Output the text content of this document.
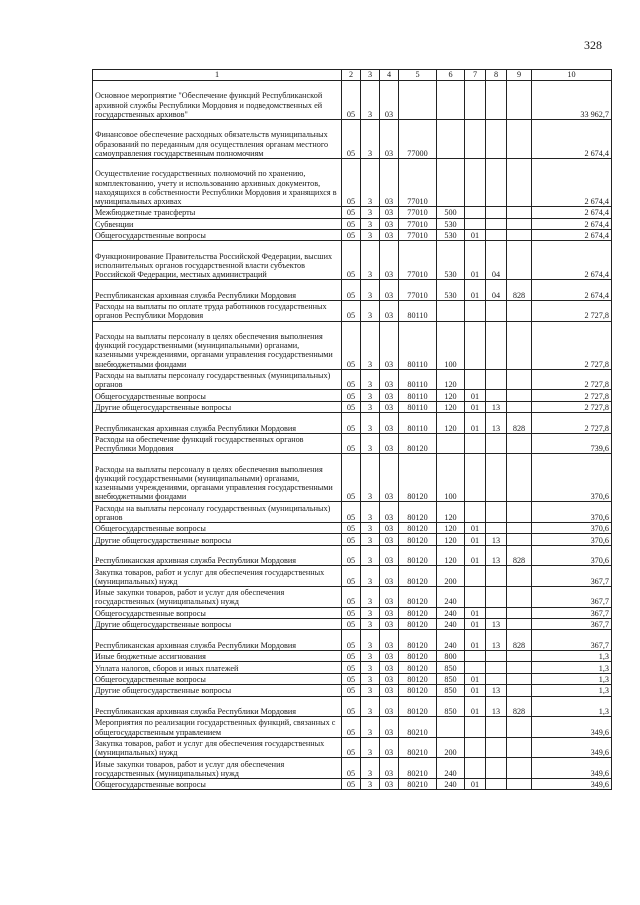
328
1	2	3	4	5	6	7	8	9	10
Основное мероприятие "Обеспечение функций Республиканской архивной службы Республики Мордовия и подведомственных ей государственных архивов"	05	3	03						33 962,7
Финансовое обеспечение расходных обязательств муниципальных образований по переданным для осуществления органам местного самоуправления государственным полномочиям	05	3	03	77000					2 674,4
Осуществление государственных полномочий по хранению, комплектованию, учету и использованию архивных документов, находящихся в собственности Республики Мордовия и хранящихся в муниципальных архивах	05	3	03	77010					2 674,4
Межбюджетные трансферты	05	3	03	77010	500				2 674,4
Субвенции	05	3	03	77010	530				2 674,4
Общегосударственные вопросы	05	3	03	77010	530	01			2 674,4
Функционирование Правительства Российской Федерации, высших исполнительных органов государственной власти субъектов Российской Федерации, местных администраций	05	3	03	77010	530	01	04		2 674,4
Республиканская архивная служба Республики Мордовия	05	3	03	77010	530	01	04	828	2 674,4
Расходы на выплаты по оплате труда работников государственных органов Республики Мордовия	05	3	03	80110					2 727,8
Расходы на выплаты персоналу в целях обеспечения выполнения функций государственными (муниципальными) органами, казенными учреждениями, органами управления государственными внебюджетными фондами	05	3	03	80110	100				2 727,8
Расходы на выплаты персоналу государственных (муниципальных) органов	05	3	03	80110	120				2 727,8
Общегосударственные вопросы	05	3	03	80110	120	01			2 727,8
Другие общегосударственные вопросы	05	3	03	80110	120	01	13		2 727,8
Республиканская архивная служба Республики Мордовия	05	3	03	80110	120	01	13	828	2 727,8
Расходы на обеспечение функций государственных органов Республики Мордовия	05	3	03	80120					739,6
Расходы на выплаты персоналу в целях обеспечения выполнения функций государственными (муниципальными) органами, казенными учреждениями, органами управления государственными внебюджетными фондами	05	3	03	80120	100				370,6
Расходы на выплаты персоналу государственных (муниципальных) органов	05	3	03	80120	120				370,6
Общегосударственные вопросы	05	3	03	80120	120	01			370,6
Другие общегосударственные вопросы	05	3	03	80120	120	01	13		370,6
Республиканская архивная служба Республики Мордовия	05	3	03	80120	120	01	13	828	370,6
Закупка товаров, работ и услуг для обеспечения государственных (муниципальных) нужд	05	3	03	80120	200				367,7
Иные закупки товаров, работ и услуг для обеспечения государственных (муниципальных) нужд	05	3	03	80120	240				367,7
Общегосударственные вопросы	05	3	03	80120	240	01			367,7
Другие общегосударственные вопросы	05	3	03	80120	240	01	13		367,7
Республиканская архивная служба Республики Мордовия	05	3	03	80120	240	01	13	828	367,7
Иные бюджетные ассигнования	05	3	03	80120	800				1,3
Уплата налогов, сборов и иных платежей	05	3	03	80120	850				1,3
Общегосударственные вопросы	05	3	03	80120	850	01			1,3
Другие общегосударственные вопросы	05	3	03	80120	850	01	13		1,3
Республиканская архивная служба Республики Мордовия	05	3	03	80120	850	01	13	828	1,3
Мероприятия по реализации государственных функций, связанных с общегосударственным управлением	05	3	03	80210					349,6
Закупка товаров, работ и услуг для обеспечения государственных (муниципальных) нужд	05	3	03	80210	200				349,6
Иные закупки товаров, работ и услуг для обеспечения государственных (муниципальных) нужд	05	3	03	80210	240				349,6
Общегосударственные вопросы	05	3	03	80210	240	01			349,6
